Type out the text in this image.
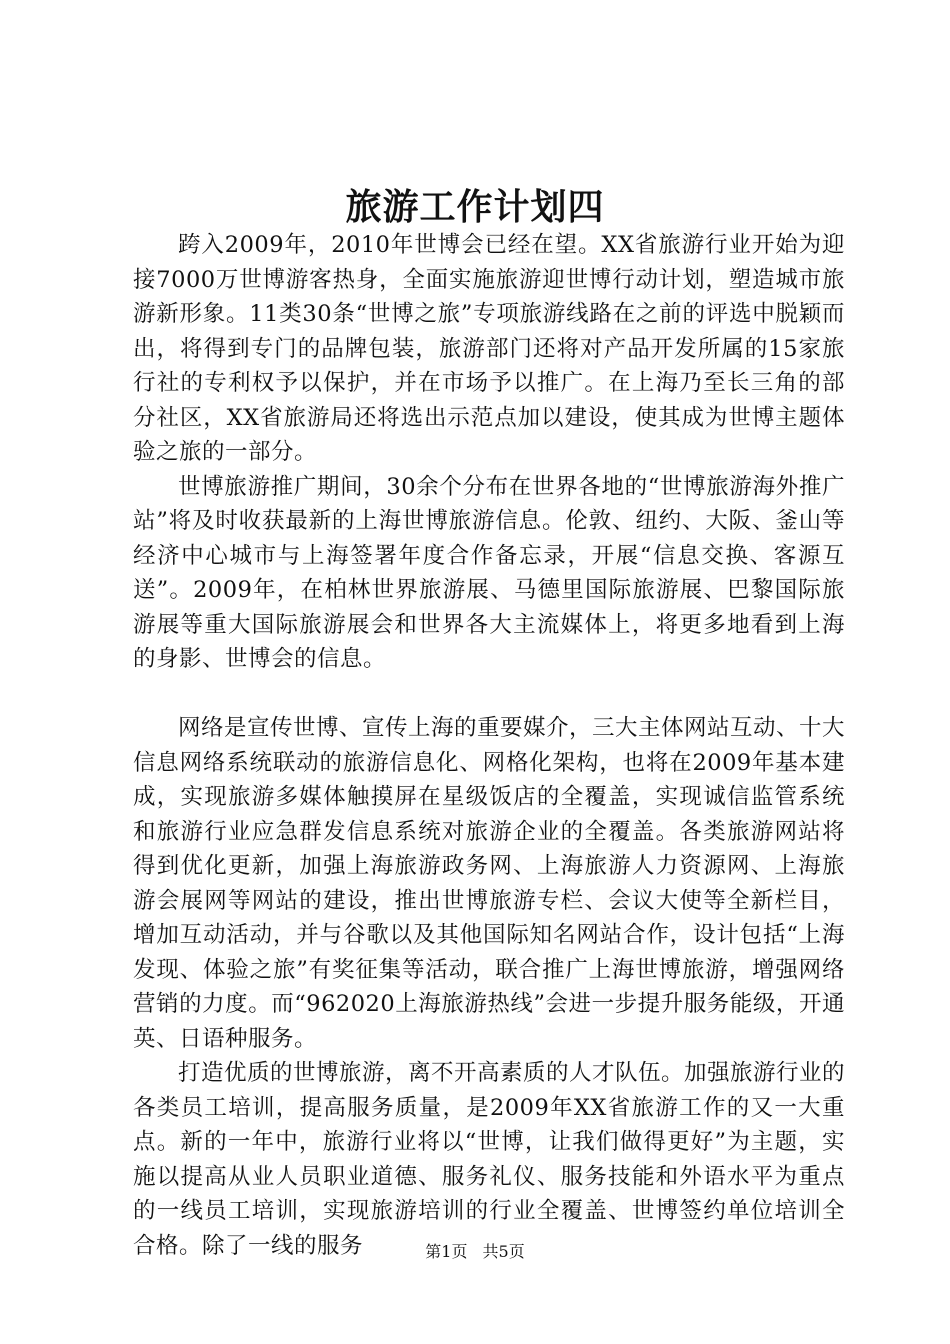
旅游工作计划四

跨入2009年，2010年世博会已经在望。XX省旅游行业开始为迎接7000万世博游客热身，全面实施旅游迎世博行动计划，塑造城市旅游新形象。11类30条“世博之旅”专项旅游线路在之前的评选中脱颖而出，将得到专门的品牌包装，旅游部门还将对产品开发所属的15家旅行社的专利权予以保护，并在市场予以推广。在上海乃至长三角的部分社区，XX省旅游局还将选出示范点加以建设，使其成为世博主题体验之旅的一部分。

世博旅游推广期间，30余个分布在世界各地的“世博旅游海外推广站”将及时收获最新的上海世博旅游信息。伦敦、纽约、大阪、釜山等经济中心城市与上海签署年度合作备忘录，开展“信息交换、客源互送”。2009年，在柏林世界旅游展、马德里国际旅游展、巴黎国际旅游展等重大国际旅游展会和世界各大主流媒体上，将更多地看到上海的身影、世博会的信息。

网络是宣传世博、宣传上海的重要媒介，三大主体网站互动、十大信息网络系统联动的旅游信息化、网格化架构，也将在2009年基本建成，实现旅游多媒体触摸屏在星级饭店的全覆盖，实现诚信监管系统和旅游行业应急群发信息系统对旅游企业的全覆盖。各类旅游网站将得到优化更新，加强上海旅游政务网、上海旅游人力资源网、上海旅游会展网等网站的建设，推出世博旅游专栏、会议大使等全新栏目，增加互动活动，并与谷歌以及其他国际知名网站合作，设计包括“上海发现、体验之旅”有奖征集等活动，联合推广上海世博旅游，增强网络营销的力度。而“962020上海旅游热线”会进一步提升服务能级，开通英、日语种服务。

打造优质的世博旅游，离不开高素质的人才队伍。加强旅游行业的各类员工培训，提高服务质量，是2009年XX省旅游工作的又一大重点。新的一年中，旅游行业将以“世博，让我们做得更好”为主题，实施以提高从业人员职业道德、服务礼仪、服务技能和外语水平为重点的一线员工培训，实现旅游培训的行业全覆盖、世博签约单位培训全合格。除了一线的服务	第1页 共5页
